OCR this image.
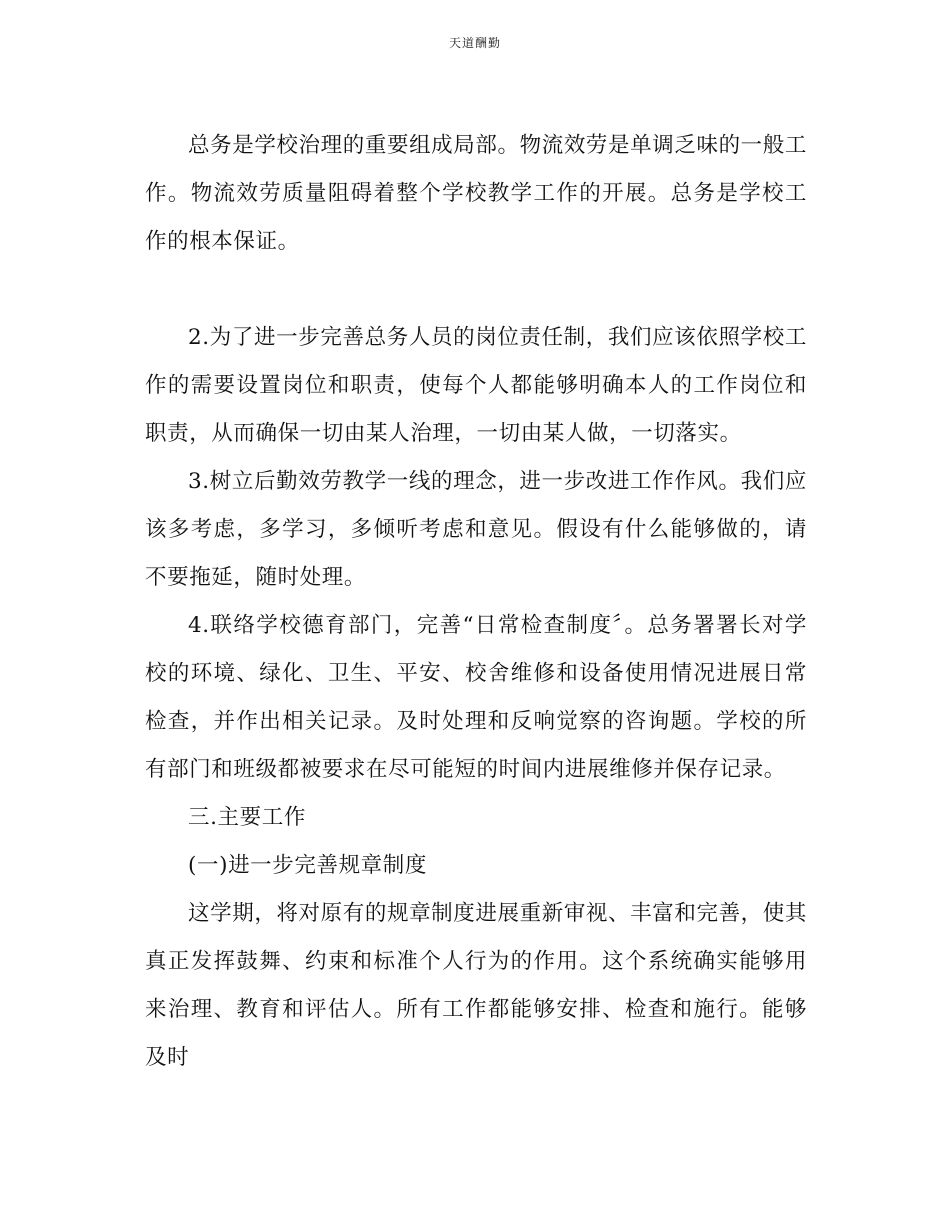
天道酬勤

总务是学校治理的重要组成局部。物流效劳是单调乏味的一般工作。物流效劳质量阻碍着整个学校教学工作的开展。总务是学校工作的根本保证。

2.为了进一步完善总务人员的岗位责任制，我们应该依照学校工作的需要设置岗位和职责，使每个人都能够明确本人的工作岗位和职责，从而确保一切由某人治理，一切由某人做，一切落实。

3.树立后勤效劳教学一线的理念，进一步改进工作作风。我们应该多考虑，多学习，多倾听考虑和意见。假设有什么能够做的，请不要拖延，随时处理。

4.联络学校德育部门，完善“日常检查制度〞。总务署署长对学校的环境、绿化、卫生、平安、校舍维修和设备使用情况进展日常检查，并作出相关记录。及时处理和反响觉察的咨询题。学校的所有部门和班级都被要求在尽可能短的时间内进展维修并保存记录。

三.主要工作

(一)进一步完善规章制度

这学期，将对原有的规章制度进展重新审视、丰富和完善，使其真正发挥鼓舞、约束和标准个人行为的作用。这个系统确实能够用来治理、教育和评估人。所有工作都能够安排、检查和施行。能够及时
